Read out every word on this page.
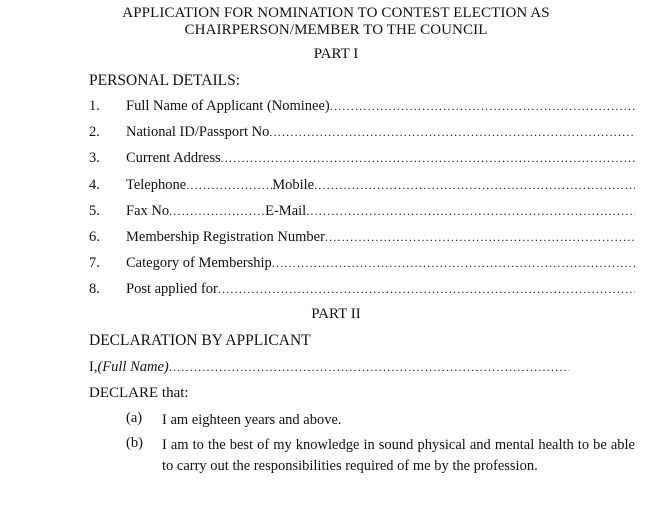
APPLICATION FOR NOMINATION TO CONTEST ELECTION AS
CHAIRPERSON/MEMBER TO THE COUNCIL
PART I
PERSONAL DETAILS:
1.	Full Name of Applicant (Nominee)
.....
2.	National ID/Passport No
.....
3.	Current Address
.....
4.	Telephone .....	Mobile
.....
5.	Fax No .....	E-Mail
.....
6.	Membership Registration Number
.....
7.	Category of Membership
.....
8.	Post applied for
.....
PART II
DECLARATION BY APPLICANT
I, (Full Name)
.....
DECLARE that:
(a)	I am eighteen years and above.
(b)	I am to the best of my knowledge in sound physical and mental health to be able to carry out the responsibilities required of me by the profession.
